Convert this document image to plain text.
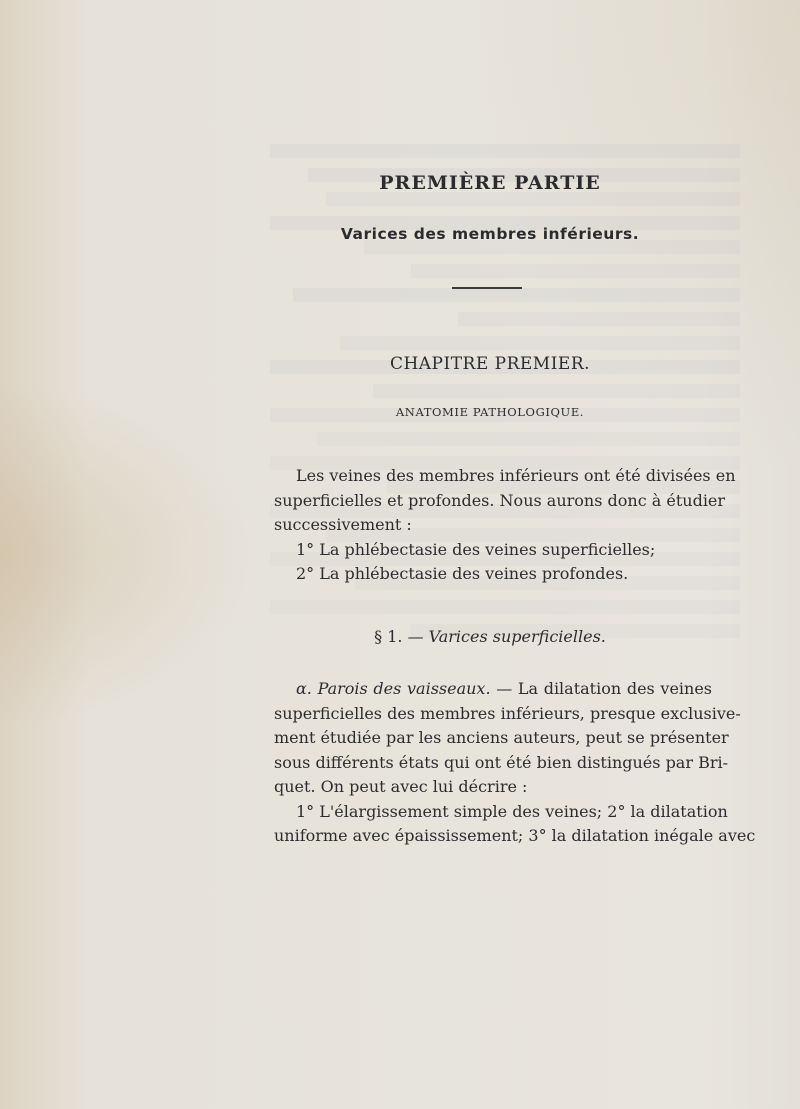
PREMIÈRE PARTIE
Varices des membres inférieurs.
CHAPITRE PREMIER.
ANATOMIE PATHOLOGIQUE.
Les veines des membres inférieurs ont été divisées en
superficielles et profondes. Nous aurons donc à étudier
successivement :
1° La phlébectasie des veines superficielles;
2° La phlébectasie des veines profondes.
§ 1. — Varices superficielles.
α. Parois des vaisseaux. — La dilatation des veines
superficielles des membres inférieurs, presque exclusive-
ment étudiée par les anciens auteurs, peut se présenter
sous différents états qui ont été bien distingués par Bri-
quet. On peut avec lui décrire :
1° L'élargissement simple des veines; 2° la dilatation
uniforme avec épaississement; 3° la dilatation inégale avec
